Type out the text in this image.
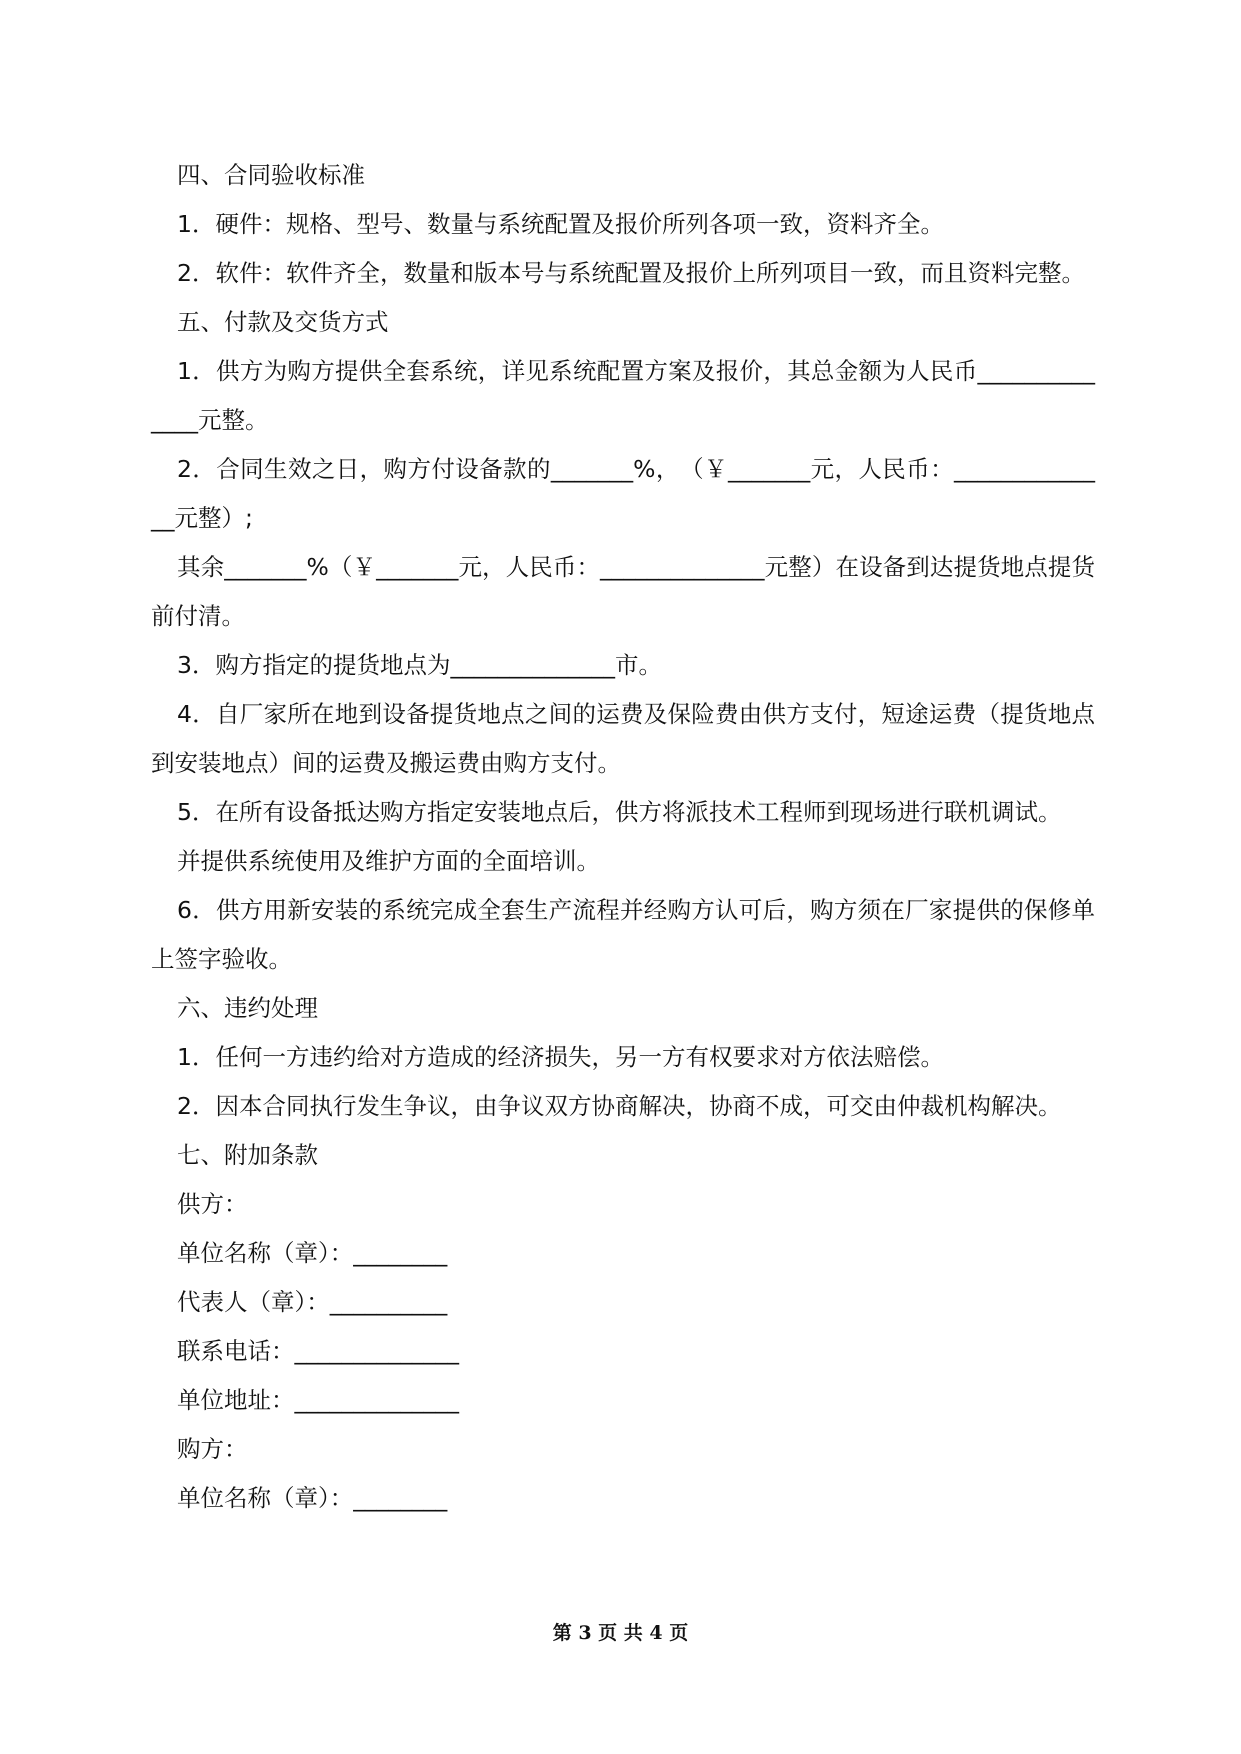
四、合同验收标准

1．硬件：规格、型号、数量与系统配置及报价所列各项一致，资料齐全。

2．软件：软件齐全，数量和版本号与系统配置及报价上所列项目一致，而且资料完整。

五、付款及交货方式

1．供方为购方提供全套系统，详见系统配置方案及报价，其总金额为人民币______________元整。

2．合同生效之日，购方付设备款的_______%，　（￥_______元，人民币：______________元整）;

其余_______%（￥_______元，人民币：______________元整）在设备到达提货地点提货前付清。

3．购方指定的提货地点为______________市。

4．自厂家所在地到设备提货地点之间的运费及保险费由供方支付，短途运费（提货地点到安装地点）间的运费及搬运费由购方支付。

5．在所有设备抵达购方指定安装地点后，供方将派技术工程师到现场进行联机调试。

并提供系统使用及维护方面的全面培训。

6．供方用新安装的系统完成全套生产流程并经购方认可后，购方须在厂家提供的保修单上签字验收。

六、违约处理

1．任何一方违约给对方造成的经济损失，另一方有权要求对方依法赔偿。

2．因本合同执行发生争议，由争议双方协商解决，协商不成，可交由仲裁机构解决。

七、附加条款

供方：

单位名称（章）：________

代表人（章）：__________

联系电话：______________

单位地址：______________

购方：

单位名称（章）：________

第 3 页 共 4 页
